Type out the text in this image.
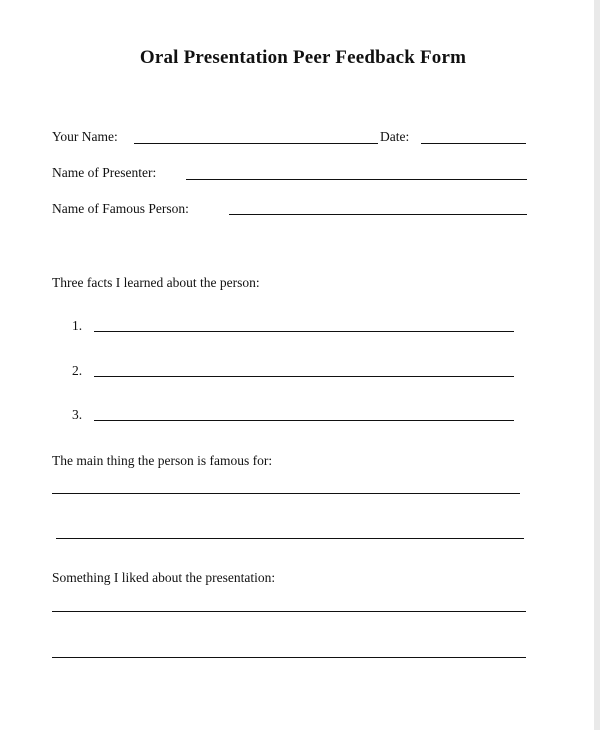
Oral Presentation Peer Feedback Form
Your Name:	Date:
Name of Presenter:
Name of Famous Person:
Three facts I learned about the person:
1.
2.
3.
The main thing the person is famous for:
Something I liked about the presentation:
